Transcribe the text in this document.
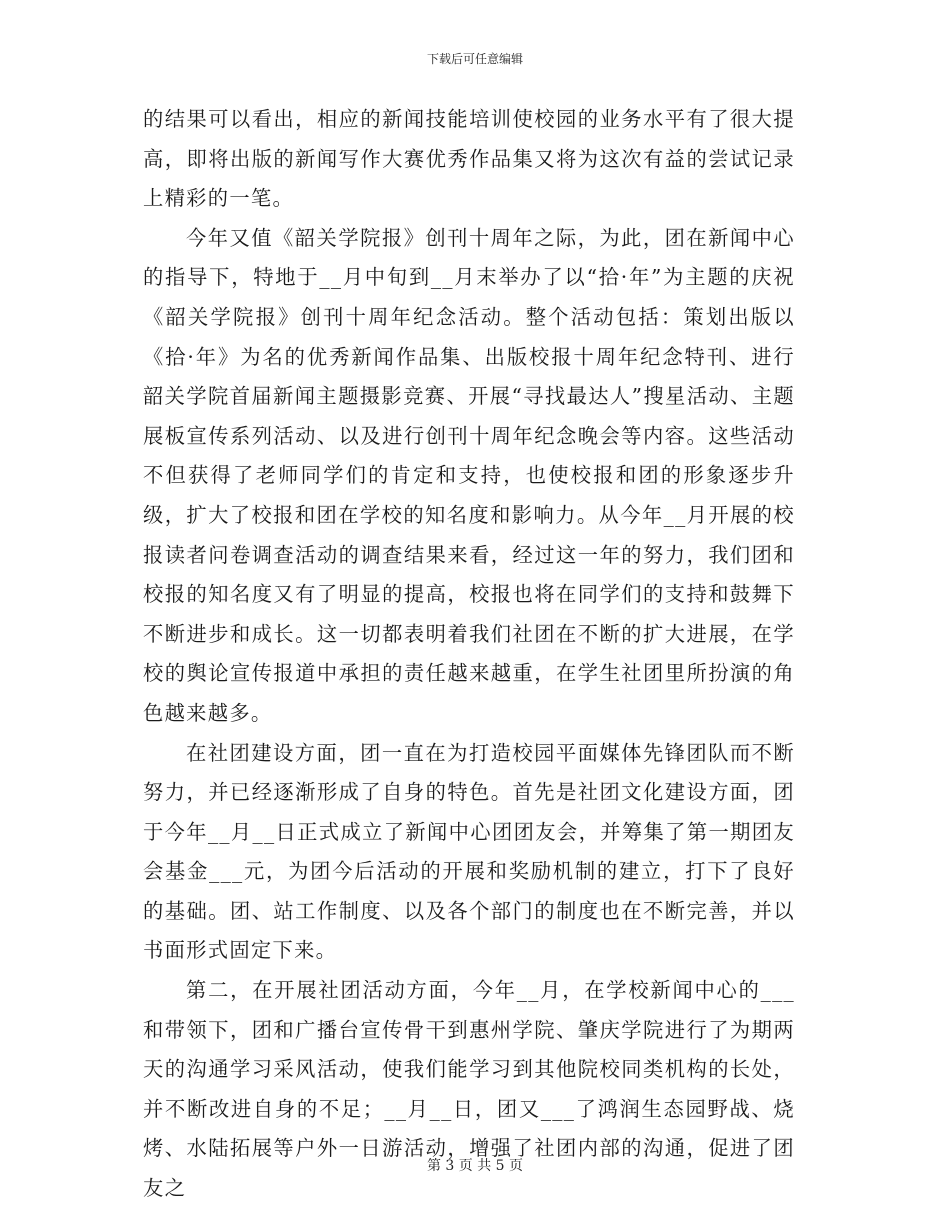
下载后可任意编辑

的结果可以看出，相应的新闻技能培训使校园的业务水平有了很大提高，即将出版的新闻写作大赛优秀作品集又将为这次有益的尝试记录上精彩的一笔。

今年又值《韶关学院报》创刊十周年之际，为此，团在新闻中心的指导下，特地于__月中旬到__月末举办了以“拾·年”为主题的庆祝《韶关学院报》创刊十周年纪念活动。整个活动包括：策划出版以《拾·年》为名的优秀新闻作品集、出版校报十周年纪念特刊、进行韶关学院首届新闻主题摄影竞赛、开展“寻找最达人”搜星活动、主题展板宣传系列活动、以及进行创刊十周年纪念晚会等内容。这些活动不但获得了老师同学们的肯定和支持，也使校报和团的形象逐步升级，扩大了校报和团在学校的知名度和影响力。从今年__月开展的校报读者问卷调查活动的调查结果来看，经过这一年的努力，我们团和校报的知名度又有了明显的提高，校报也将在同学们的支持和鼓舞下不断进步和成长。这一切都表明着我们社团在不断的扩大进展，在学校的舆论宣传报道中承担的责任越来越重，在学生社团里所扮演的角色越来越多。

在社团建设方面，团一直在为打造校园平面媒体先锋团队而不断努力，并已经逐渐形成了自身的特色。首先是社团文化建设方面，团于今年__月__日正式成立了新闻中心团团友会，并筹集了第一期团友会基金___元，为团今后活动的开展和奖励机制的建立，打下了良好的基础。团、站工作制度、以及各个部门的制度也在不断完善，并以书面形式固定下来。

第二，在开展社团活动方面，今年__月，在学校新闻中心的___和带领下，团和广播台宣传骨干到惠州学院、肇庆学院进行了为期两天的沟通学习采风活动，使我们能学习到其他院校同类机构的长处，并不断改进自身的不足；__月__日，团又___了鸿润生态园野战、烧烤、水陆拓展等户外一日游活动，增强了社团内部的沟通，促进了团友之

第 3 页 共 5 页
